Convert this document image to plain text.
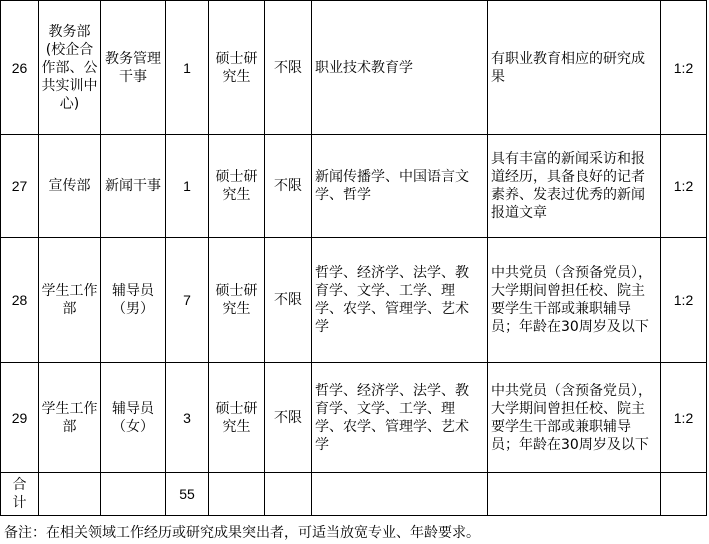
26	教务部(校企合作部、公共实训中心)	教务管理干事	1	硕士研究生	不限	职业技术教育学	有职业教育相应的研究成果	1:2
27	宣传部	新闻干事	1	硕士研究生	不限	新闻传播学、中国语言文学、哲学	具有丰富的新闻采访和报道经历，具备良好的记者素养、发表过优秀的新闻报道文章	1:2
28	学生工作部	辅导员（男）	7	硕士研究生	不限	哲学、经济学、法学、教育学、文学、工学、理学、农学、管理学、艺术学	中共党员（含预备党员），大学期间曾担任校、院主要学生干部或兼职辅导员；年龄在30周岁及以下	1:2
29	学生工作部	辅导员（女）	3	硕士研究生	不限	哲学、经济学、法学、教育学、文学、工学、理学、农学、管理学、艺术学	中共党员（含预备党员），大学期间曾担任校、院主要学生干部或兼职辅导员；年龄在30周岁及以下	1:2

合计			55					
备注：在相关领域工作经历或研究成果突出者，可适当放宽专业、年龄要求。
